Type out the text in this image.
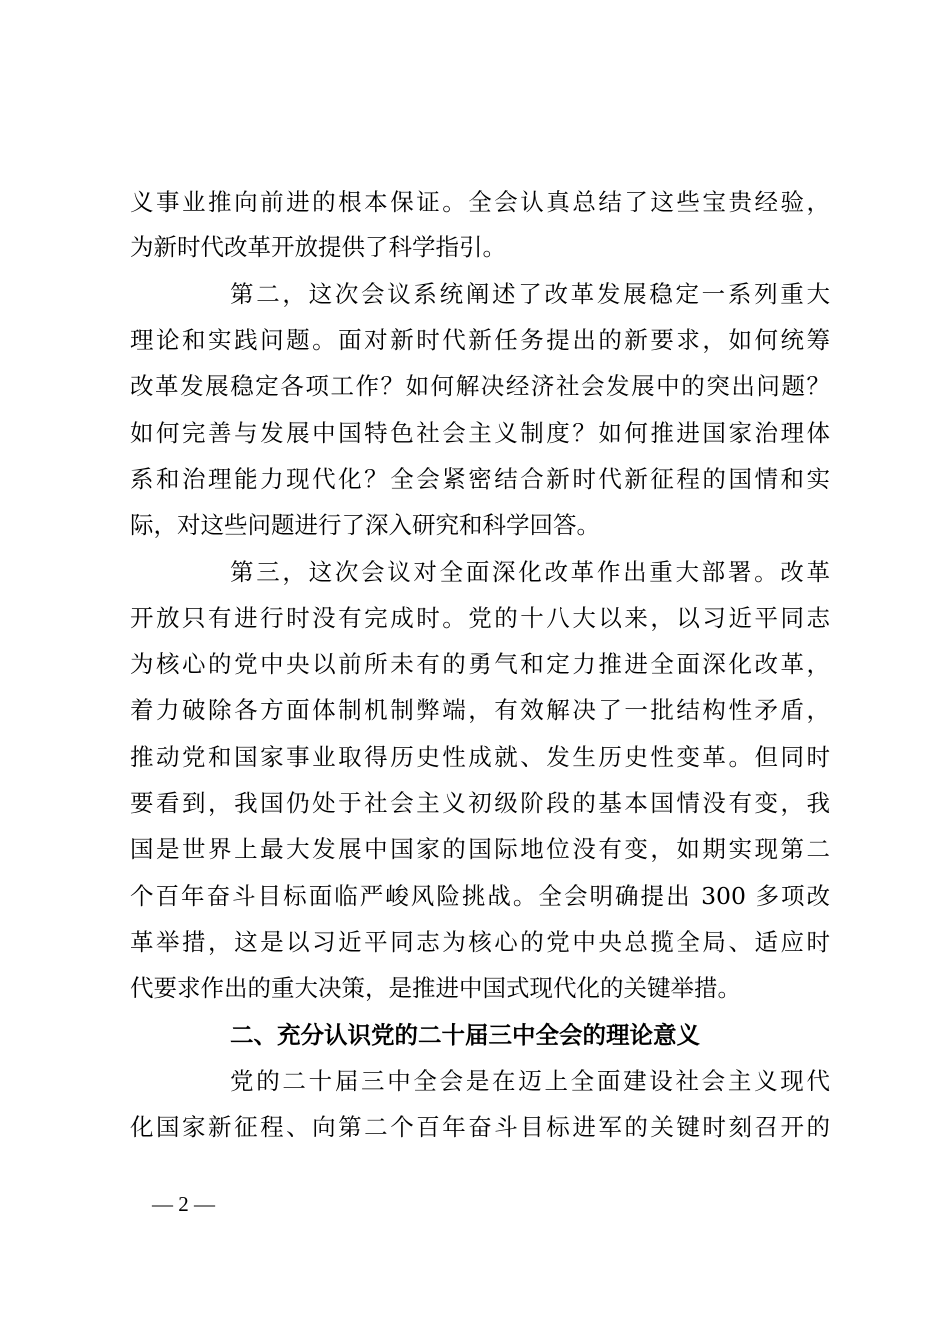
义事业推向前进的根本保证。全会认真总结了这些宝贵经验，
为新时代改革开放提供了科学指引。
第二，这次会议系统阐述了改革发展稳定一系列重大
理论和实践问题。面对新时代新任务提出的新要求，如何统筹
改革发展稳定各项工作？如何解决经济社会发展中的突出问题？
如何完善与发展中国特色社会主义制度？如何推进国家治理体
系和治理能力现代化？全会紧密结合新时代新征程的国情和实
际，对这些问题进行了深入研究和科学回答。
第三，这次会议对全面深化改革作出重大部署。改革
开放只有进行时没有完成时。党的十八大以来，以习近平同志
为核心的党中央以前所未有的勇气和定力推进全面深化改革，
着力破除各方面体制机制弊端，有效解决了一批结构性矛盾，
推动党和国家事业取得历史性成就、发生历史性变革。但同时
要看到，我国仍处于社会主义初级阶段的基本国情没有变，我
国是世界上最大发展中国家的国际地位没有变，如期实现第二
个百年奋斗目标面临严峻风险挑战。全会明确提出 300 多项改
革举措，这是以习近平同志为核心的党中央总揽全局、适应时
代要求作出的重大决策，是推进中国式现代化的关键举措。
二、充分认识党的二十届三中全会的理论意义
党的二十届三中全会是在迈上全面建设社会主义现代
化国家新征程、向第二个百年奋斗目标进军的关键时刻召开的
— 2 —
